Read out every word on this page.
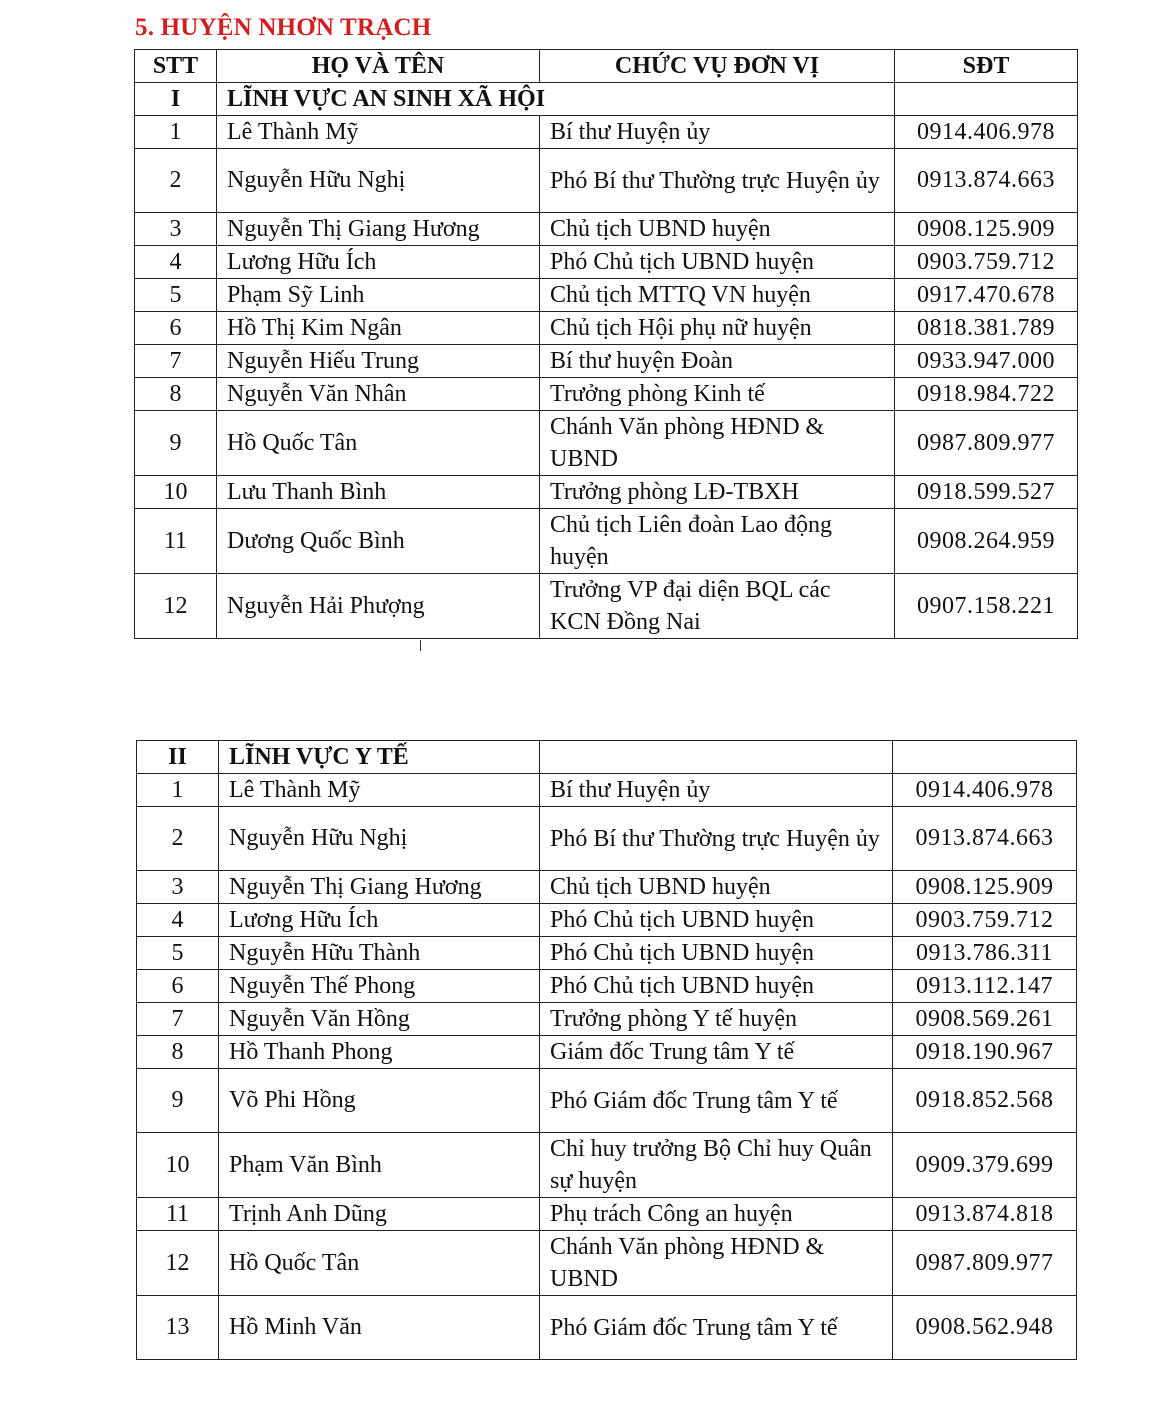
5. HUYỆN NHƠN TRẠCH
STT	HỌ VÀ TÊN	CHỨC VỤ ĐƠN VỊ	SĐT
I	LĨNH VỰC AN SINH XÃ HỘI		
1	Lê Thành Mỹ	Bí thư Huyện ủy	0914.406.978
2	Nguyễn Hữu Nghị	Phó Bí thư Thường trực Huyện ủy	0913.874.663
3	Nguyễn Thị Giang Hương	Chủ tịch UBND huyện	0908.125.909
4	Lương Hữu Ích	Phó Chủ tịch UBND huyện	0903.759.712
5	Phạm Sỹ Linh	Chủ tịch MTTQ VN huyện	0917.470.678
6	Hồ Thị Kim Ngân	Chủ tịch Hội phụ nữ huyện	0818.381.789
7	Nguyễn Hiếu Trung	Bí thư huyện Đoàn	0933.947.000
8	Nguyễn Văn Nhân	Trưởng phòng Kinh tế	0918.984.722
9	Hồ Quốc Tân	Chánh Văn phòng HĐND & UBND	0987.809.977
10	Lưu Thanh Bình	Trưởng phòng LĐ-TBXH	0918.599.527
11	Dương Quốc Bình	Chủ tịch Liên đoàn Lao động huyện	0908.264.959
12	Nguyễn Hải Phượng	Trưởng VP đại diện BQL các KCN Đồng Nai	0907.158.221
II	LĨNH VỰC Y TẾ		
1	Lê Thành Mỹ	Bí thư Huyện ủy	0914.406.978
2	Nguyễn Hữu Nghị	Phó Bí thư Thường trực Huyện ủy	0913.874.663
3	Nguyễn Thị Giang Hương	Chủ tịch UBND huyện	0908.125.909
4	Lương Hữu Ích	Phó Chủ tịch UBND huyện	0903.759.712
5	Nguyễn Hữu Thành	Phó Chủ tịch UBND huyện	0913.786.311
6	Nguyễn Thế Phong	Phó Chủ tịch UBND huyện	0913.112.147
7	Nguyễn Văn Hồng	Trưởng phòng Y tế huyện	0908.569.261
8	Hồ Thanh Phong	Giám đốc Trung tâm Y tế	0918.190.967
9	Võ Phi Hồng	Phó Giám đốc Trung tâm Y tế	0918.852.568
10	Phạm Văn Bình	Chỉ huy trưởng Bộ Chỉ huy Quân sự huyện	0909.379.699
11	Trịnh Anh Dũng	Phụ trách Công an huyện	0913.874.818
12	Hồ Quốc Tân	Chánh Văn phòng HĐND & UBND	0987.809.977
13	Hồ Minh Văn	Phó Giám đốc Trung tâm Y tế	0908.562.948
